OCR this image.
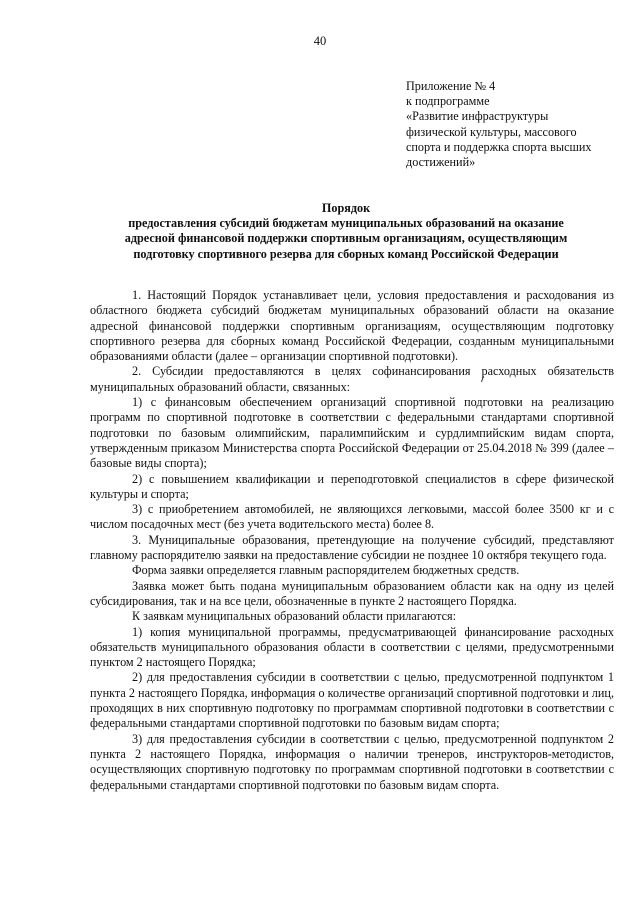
40
Приложение № 4
к подпрограмме
«Развитие инфраструктуры
физической культуры, массового
спорта и поддержка спорта высших
достижений»
Порядок
предоставления субсидий бюджетам муниципальных образований на оказание
адресной финансовой поддержки спортивным организациям, осуществляющим
подготовку спортивного резерва для сборных команд Российской Федерации

1. Настоящий Порядок устанавливает цели, условия предоставления и расходования из областного бюджета субсидий бюджетам муниципальных образований области на оказание адресной финансовой поддержки спортивным организациям, осуществляющим подготовку спортивного резерва для сборных команд Российской Федерации, созданным муниципальными образованиями области (далее – организации спортивной подготовки).

2. Субсидии предоставляются в целях софинансирования расходных обязательств муниципальных образований области, связанных:

1) с финансовым обеспечением организаций спортивной подготовки на реализацию программ по спортивной подготовке в соответствии с федеральными стандартами спортивной подготовки по базовым олимпийским, паралимпийским и сурдлимпийским видам спорта, утвержденным приказом Министерства спорта Российской Федерации от 25.04.2018 № 399 (далее – базовые виды спорта);

2) с повышением квалификации и переподготовкой специалистов в сфере физической культуры и спорта;

3) с приобретением автомобилей, не являющихся легковыми, массой более 3500 кг и с числом посадочных мест (без учета водительского места) более 8.

3. Муниципальные образования, претендующие на получение субсидий, представляют главному распорядителю заявки на предоставление субсидии не позднее 10 октября текущего года.

Форма заявки определяется главным распорядителем бюджетных средств.

Заявка может быть подана муниципальным образованием области как на одну из целей субсидирования, так и на все цели, обозначенные в пункте 2 настоящего Порядка.

К заявкам муниципальных образований области прилагаются:

1) копия муниципальной программы, предусматривающей финансирование расходных обязательств муниципального образования области в соответствии с целями, предусмотренными пунктом 2 настоящего Порядка;

2) для предоставления субсидии в соответствии с целью, предусмотренной подпунктом 1 пункта 2 настоящего Порядка, информация о количестве организаций спортивной подготовки и лиц, проходящих в них спортивную подготовку по программам спортивной подготовки в соответствии с федеральными стандартами спортивной подготовки по базовым видам спорта;

3) для предоставления субсидии в соответствии с целью, предусмотренной подпунктом 2 пункта 2 настоящего Порядка, информация о наличии тренеров, инструкторов-методистов, осуществляющих спортивную подготовку по программам спортивной подготовки в соответствии с федеральными стандартами спортивной подготовки по базовым видам спорта.
